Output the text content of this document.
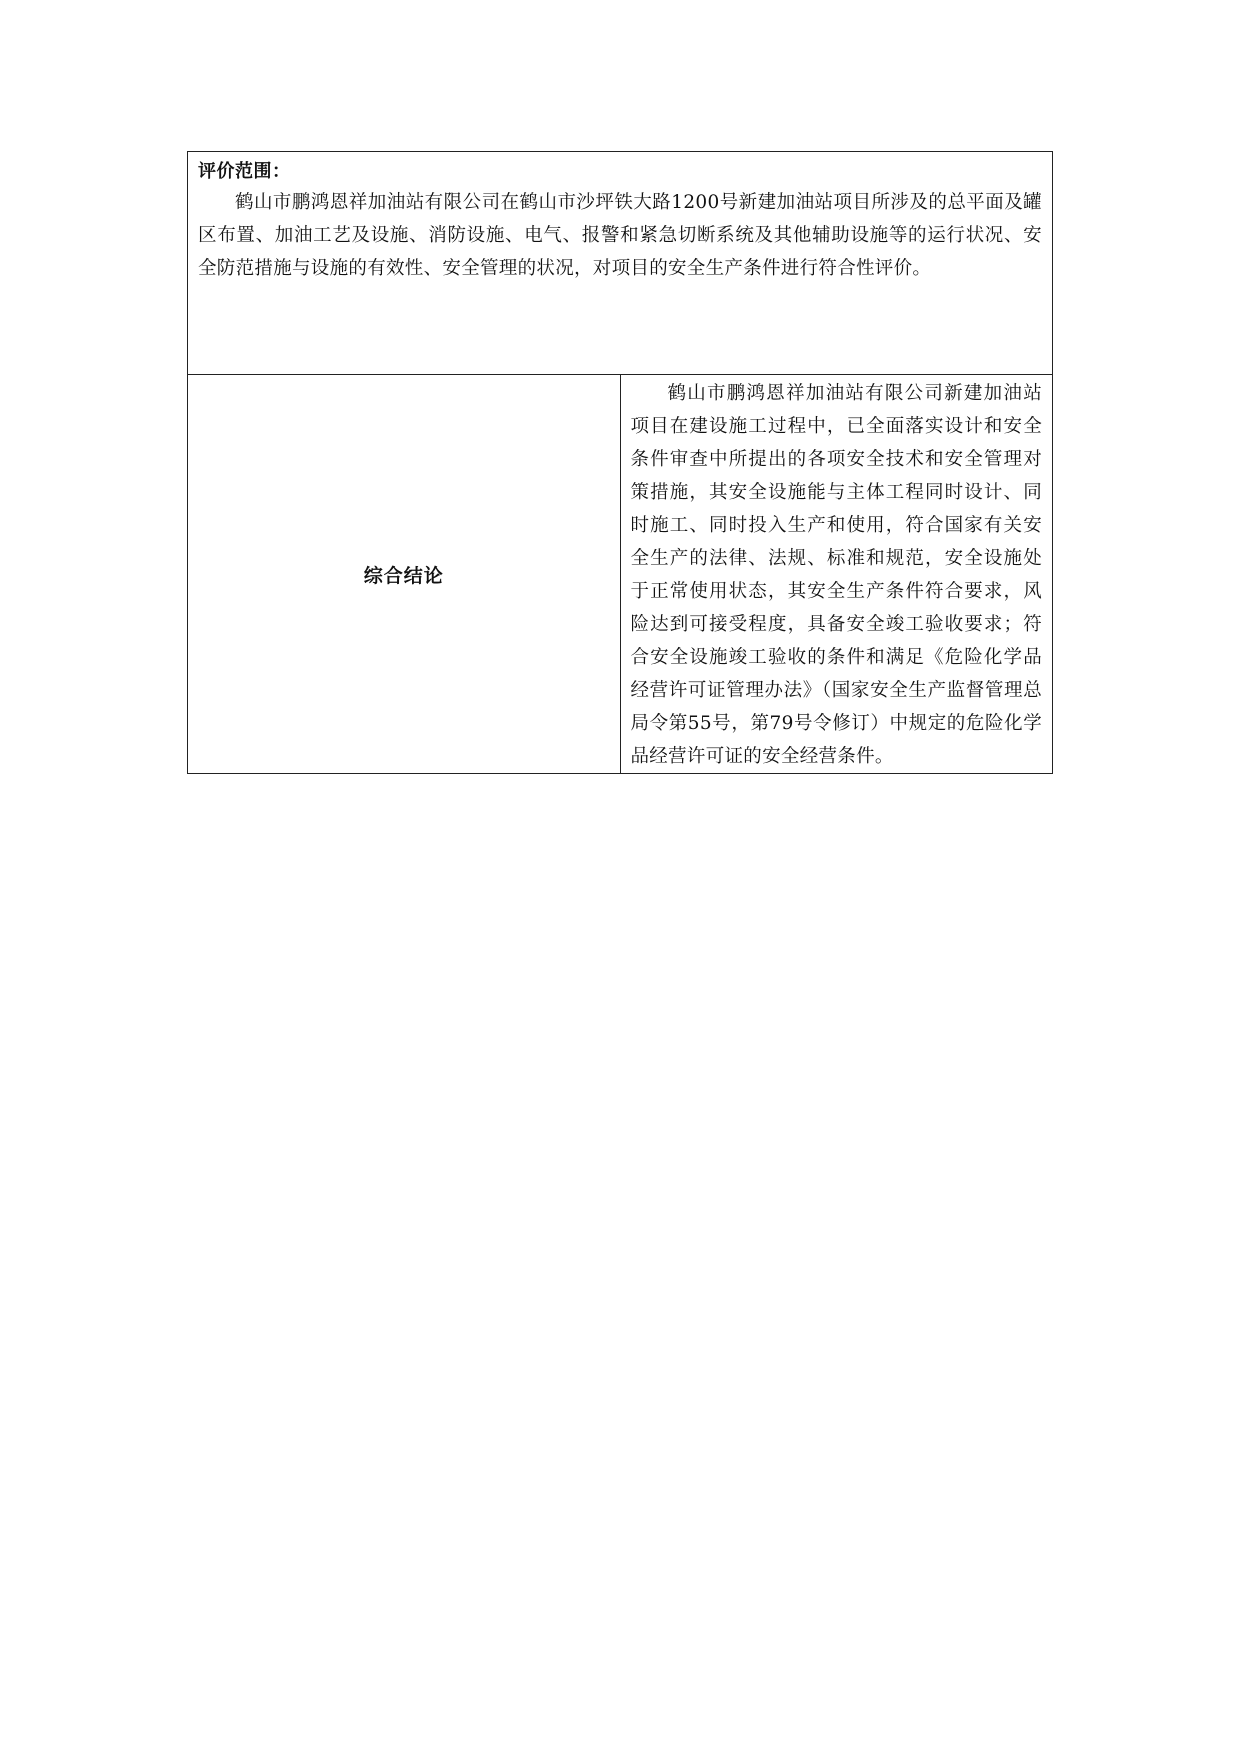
评价范围：

鹤山市鹏鸿恩祥加油站有限公司在鹤山市沙坪铁大路1200号新建加油站项目所涉及的总平面及罐区布置、加油工艺及设施、消防设施、电气、报警和紧急切断系统及其他辅助设施等的运行状况、安全防范措施与设施的有效性、安全管理的状况，对项目的安全生产条件进行符合性评价。

综合结论	

鹤山市鹏鸿恩祥加油站有限公司新建加油站项目在建设施工过程中，已全面落实设计和安全条件审查中所提出的各项安全技术和安全管理对策措施，其安全设施能与主体工程同时设计、同时施工、同时投入生产和使用，符合国家有关安全生产的法律、法规、标准和规范，安全设施处于正常使用状态，其安全生产条件符合要求，风险达到可接受程度，具备安全竣工验收要求；符合安全设施竣工验收的条件和满足《危险化学品经营许可证管理办法》（国家安全生产监督管理总局令第55号，第79号令修订）中规定的危险化学品经营许可证的安全经营条件。
